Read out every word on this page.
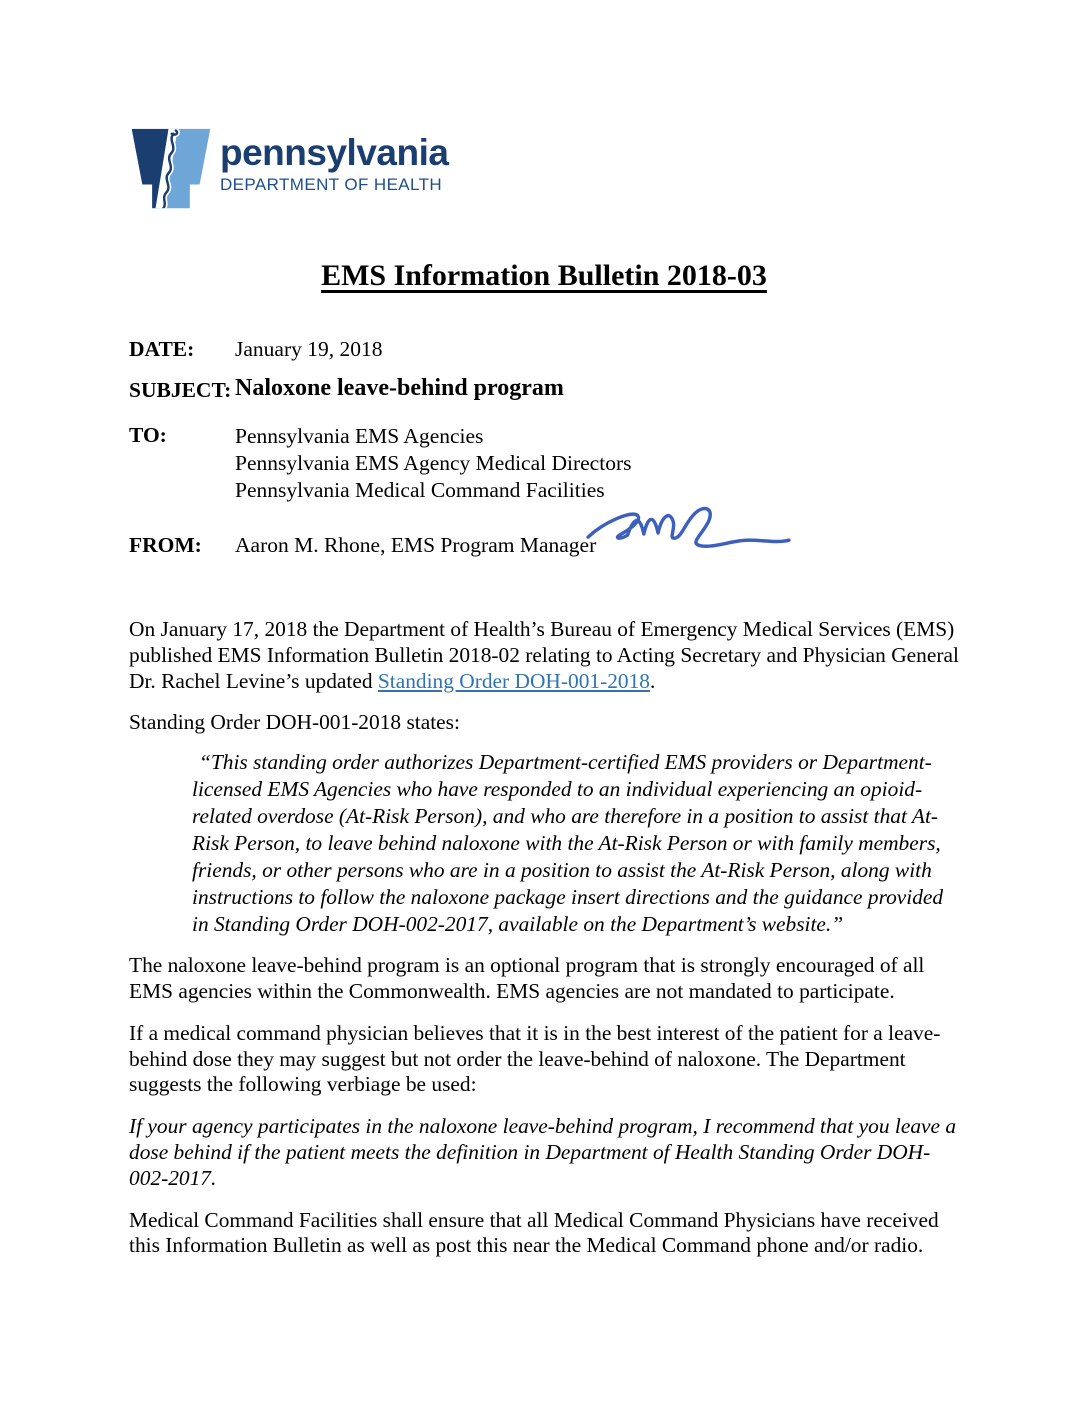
pennsylvania
DEPARTMENT OF HEALTH
EMS Information Bulletin 2018-03
DATE: January 19, 2018
SUBJECT: Naloxone leave-behind program
TO:	Pennsylvania EMS Agencies
Pennsylvania EMS Agency Medical Directors
Pennsylvania Medical Command Facilities
FROM: Aaron M. Rhone, EMS Program Manager

On January 17, 2018 the Department of Health’s Bureau of Emergency Medical Services (EMS) published EMS Information Bulletin 2018-02 relating to Acting Secretary and Physician General Dr. Rachel Levine’s updated Standing Order DOH-001-2018.

Standing Order DOH-001-2018 states:

“This standing order authorizes Department-certified EMS providers or Department-licensed EMS Agencies who have responded to an individual experiencing an opioid-related overdose (At-Risk Person), and who are therefore in a position to assist that At-Risk Person, to leave behind naloxone with the At-Risk Person or with family members, friends, or other persons who are in a position to assist the At-Risk Person, along with instructions to follow the naloxone package insert directions and the guidance provided in Standing Order DOH-002-2017, available on the Department’s website.”

The naloxone leave-behind program is an optional program that is strongly encouraged of all EMS agencies within the Commonwealth. EMS agencies are not mandated to participate.

If a medical command physician believes that it is in the best interest of the patient for a leave-behind dose they may suggest but not order the leave-behind of naloxone. The Department suggests the following verbiage be used:

If your agency participates in the naloxone leave-behind program, I recommend that you leave a dose behind if the patient meets the definition in Department of Health Standing Order DOH-002-2017.

Medical Command Facilities shall ensure that all Medical Command Physicians have received this Information Bulletin as well as post this near the Medical Command phone and/or radio.
